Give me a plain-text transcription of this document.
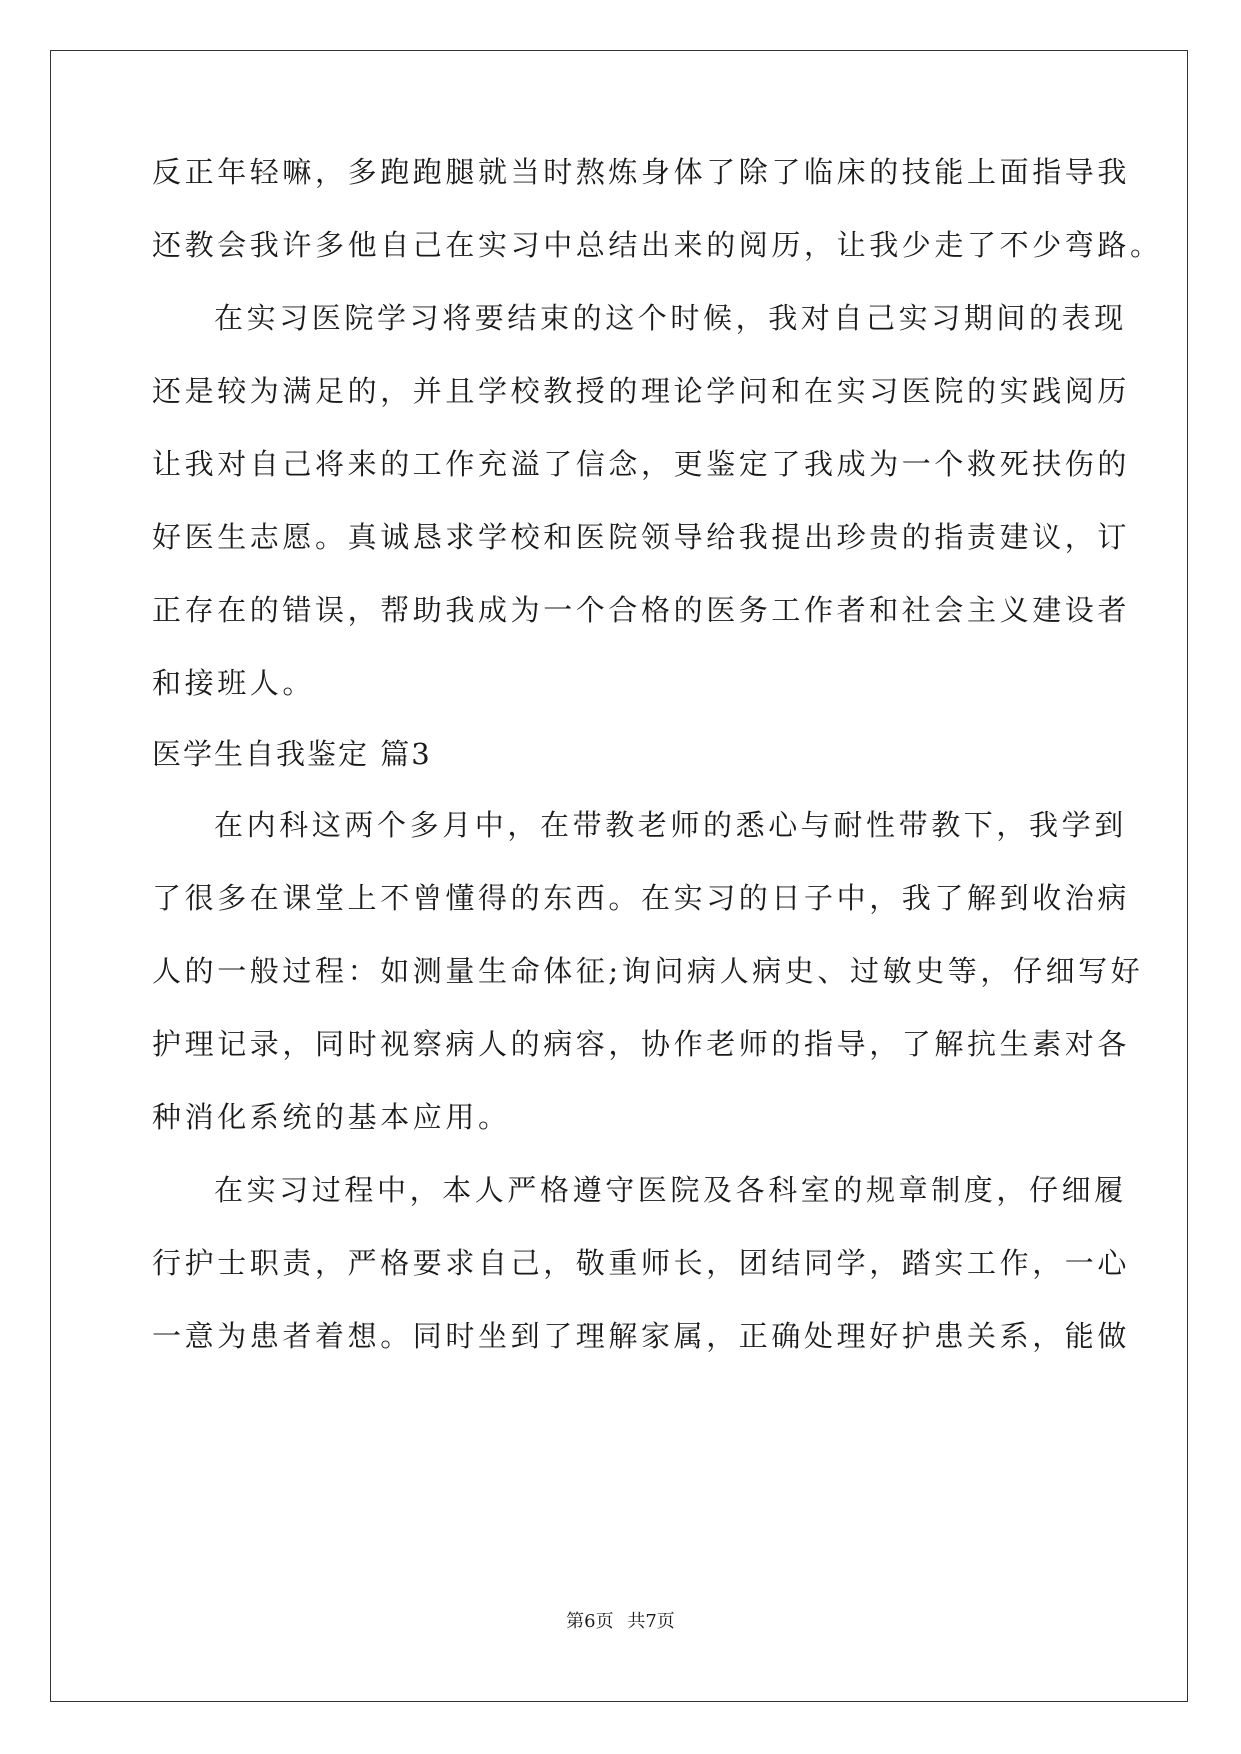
反正年轻嘛，多跑跑腿就当时熬炼身体了除了临床的技能上面指导我
还教会我许多他自己在实习中总结出来的阅历，让我少走了不少弯路。
在实习医院学习将要结束的这个时候，我对自己实习期间的表现
还是较为满足的，并且学校教授的理论学问和在实习医院的实践阅历
让我对自己将来的工作充溢了信念，更鉴定了我成为一个救死扶伤的
好医生志愿。真诚恳求学校和医院领导给我提出珍贵的指责建议，订
正存在的错误，帮助我成为一个合格的医务工作者和社会主义建设者
和接班人。
医学生自我鉴定 篇3
在内科这两个多月中，在带教老师的悉心与耐性带教下，我学到
了很多在课堂上不曾懂得的东西。在实习的日子中，我了解到收治病
人的一般过程：如测量生命体征;询问病人病史、过敏史等，仔细写好
护理记录，同时视察病人的病容，协作老师的指导，了解抗生素对各
种消化系统的基本应用。
在实习过程中，本人严格遵守医院及各科室的规章制度，仔细履
行护士职责，严格要求自己，敬重师长，团结同学，踏实工作，一心
一意为患者着想。同时坐到了理解家属，正确处理好护患关系，能做
第6页 共7页
